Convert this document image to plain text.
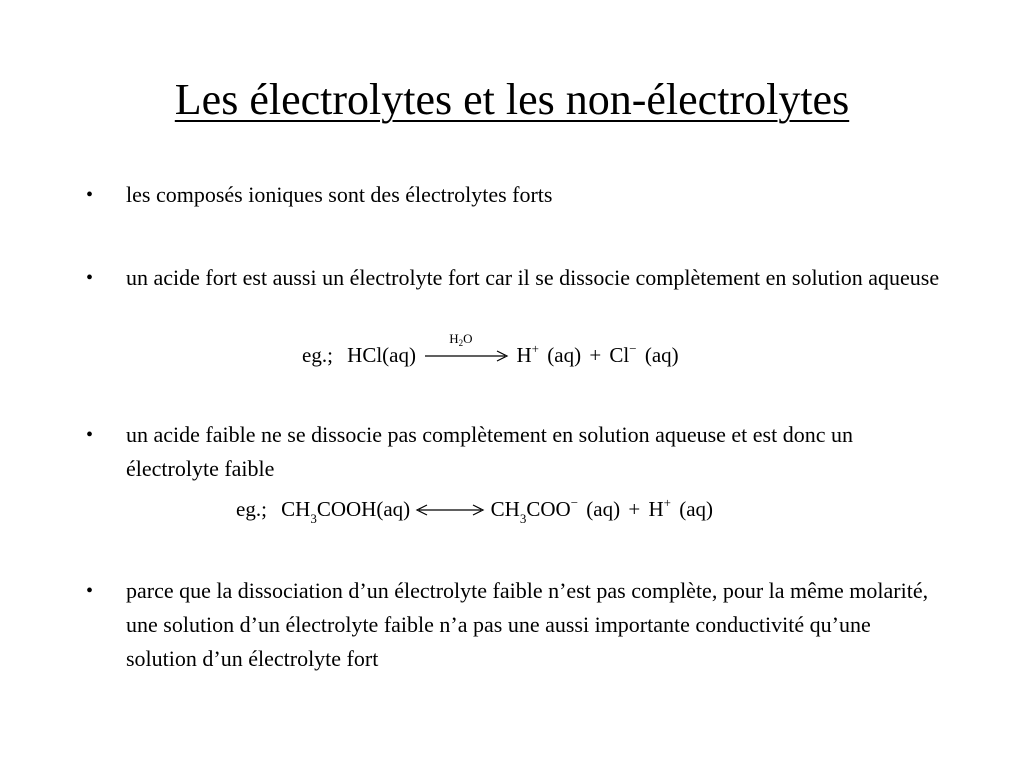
Les électrolytes et les non-électrolytes
•	les composés ioniques sont des électrolytes forts
•	un acide fort est aussi un électrolyte fort car il se dissocie complètement en solution aqueuse
eg.; HCl(aq)
H2O
H+ (aq) + Cl− (aq)
•	un acide faible ne se dissocie pas complètement en solution aqueuse et est donc un électrolyte faible
eg.; CH3COOH(aq)	CH3COO− (aq) + H+ (aq)
•	parce que la dissociation d’un électrolyte faible n’est pas complète, pour la même molarité, une solution d’un électrolyte faible n’a pas une aussi importante conductivité qu’une solution d’un électrolyte fort
